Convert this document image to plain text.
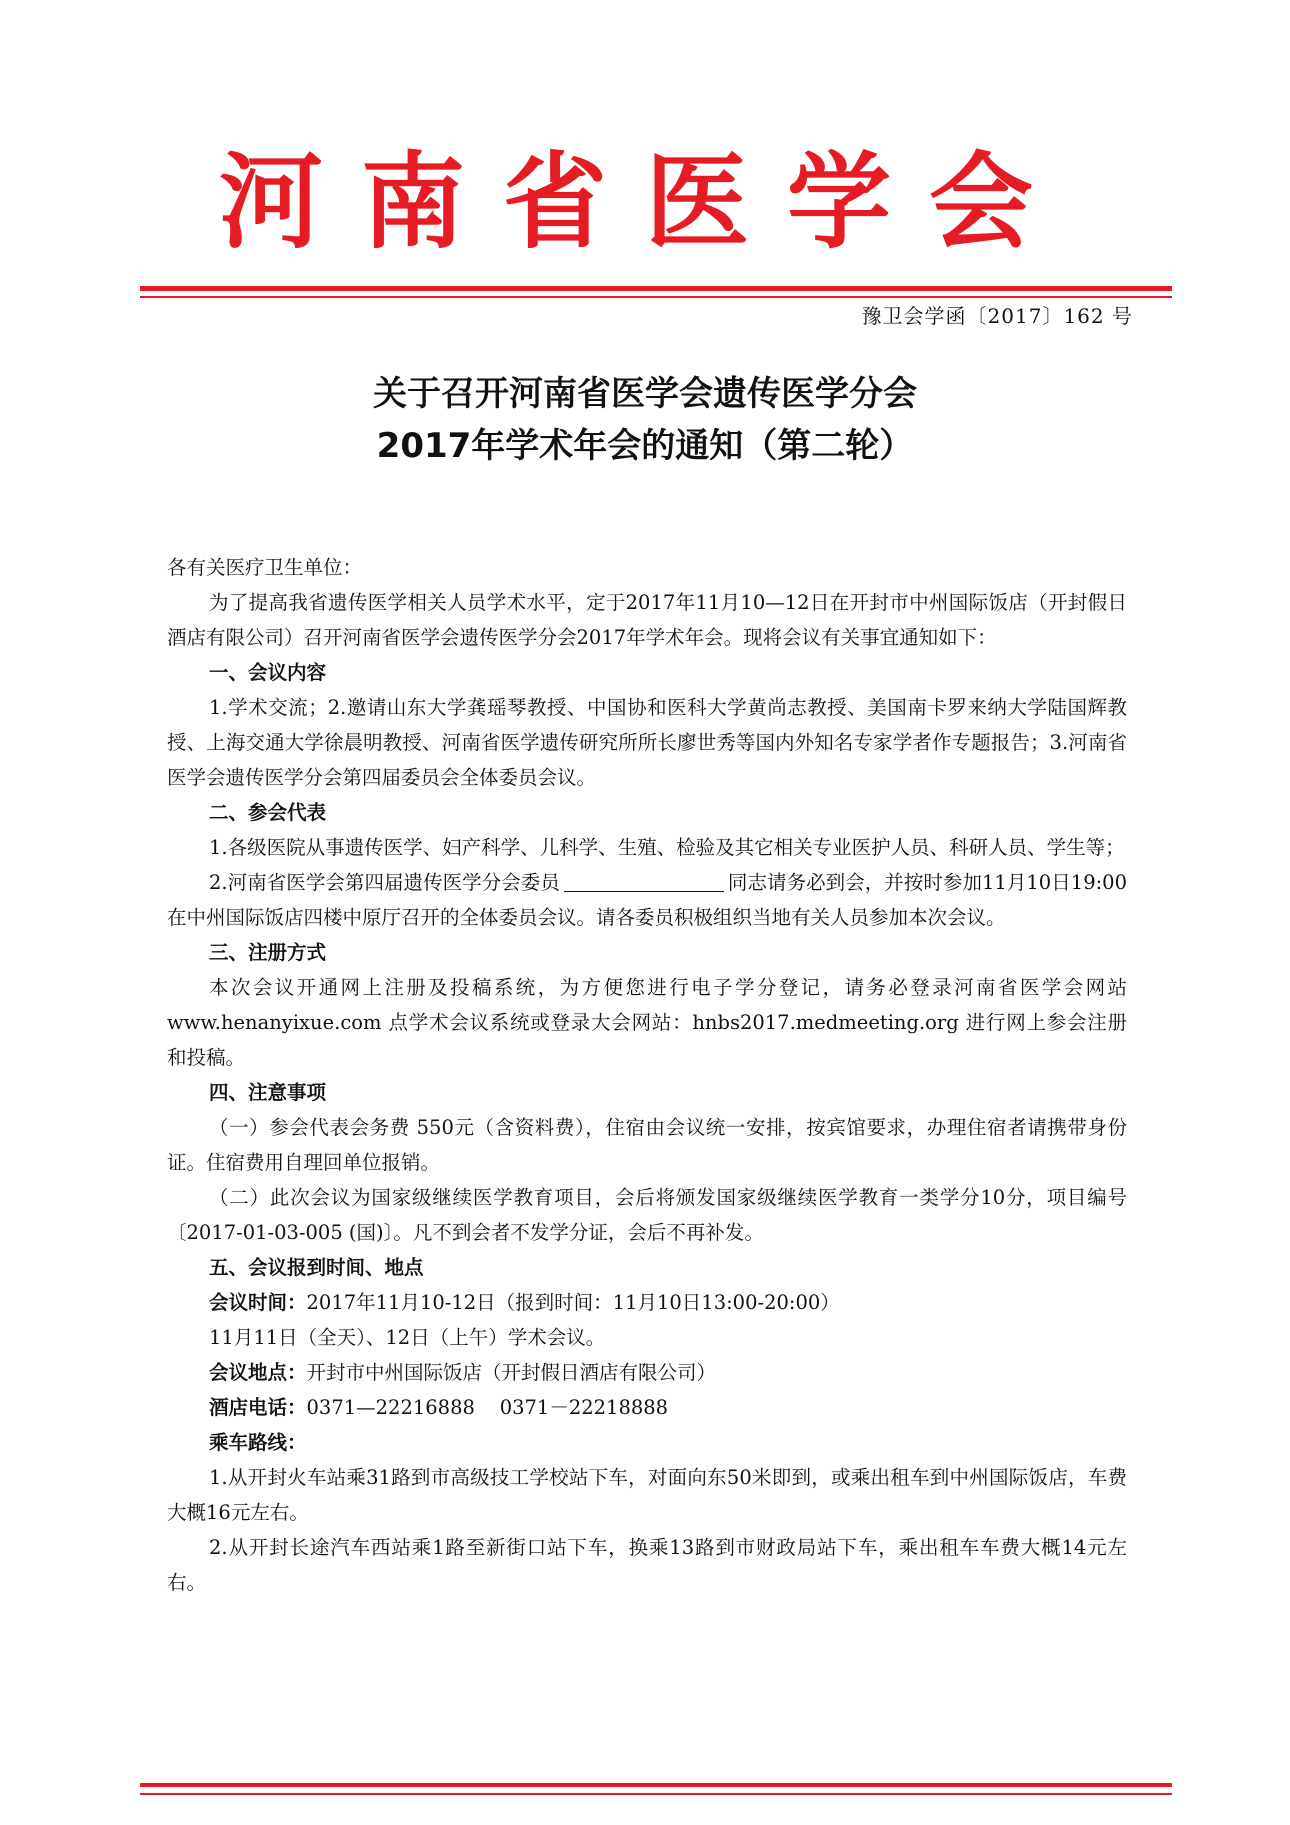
河南省医学会
豫卫会学函〔2017〕162 号
关于召开河南省医学会遗传医学分会
2017年学术年会的通知（第二轮）

各有关医疗卫生单位：

为了提高我省遗传医学相关人员学术水平，定于2017年11月10—12日在开封市中州国际饭店（开封假日酒店有限公司）召开河南省医学会遗传医学分会2017年学术年会。现将会议有关事宜通知如下：

一、会议内容

1.学术交流；2.邀请山东大学龚瑶琴教授、中国协和医科大学黄尚志教授、美国南卡罗来纳大学陆国辉教授、上海交通大学徐晨明教授、河南省医学遗传研究所所长廖世秀等国内外知名专家学者作专题报告；3.河南省医学会遗传医学分会第四届委员会全体委员会议。

二、参会代表

1.各级医院从事遗传医学、妇产科学、儿科学、生殖、检验及其它相关专业医护人员、科研人员、学生等；

2.河南省医学会第四届遗传医学分会委员	同志请务必到会，并按时参加11月10日19:00在中州国际饭店四楼中原厅召开的全体委员会议。请各委员积极组织当地有关人员参加本次会议。

三、注册方式

本次会议开通网上注册及投稿系统，为方便您进行电子学分登记，请务必登录河南省医学会网站 www.henanyixue.com 点学术会议系统或登录大会网站：hnbs2017.medmeeting.org 进行网上参会注册和投稿。

四、注意事项

（一）参会代表会务费 550元（含资料费），住宿由会议统一安排，按宾馆要求，办理住宿者请携带身份证。住宿费用自理回单位报销。

（二）此次会议为国家级继续医学教育项目，会后将颁发国家级继续医学教育一类学分10分，项目编号〔2017-01-03-005 (国)〕。凡不到会者不发学分证，会后不再补发。

五、会议报到时间、地点

会议时间：2017年11月10-12日（报到时间：11月10日13:00-20:00）

11月11日（全天）、12日（上午）学术会议。

会议地点：开封市中州国际饭店（开封假日酒店有限公司）

酒店电话：0371—22216888    0371－22218888

乘车路线：

1.从开封火车站乘31路到市高级技工学校站下车，对面向东50米即到，或乘出租车到中州国际饭店，车费大概16元左右。

2.从开封长途汽车西站乘1路至新街口站下车，换乘13路到市财政局站下车，乘出租车车费大概14元左右。
